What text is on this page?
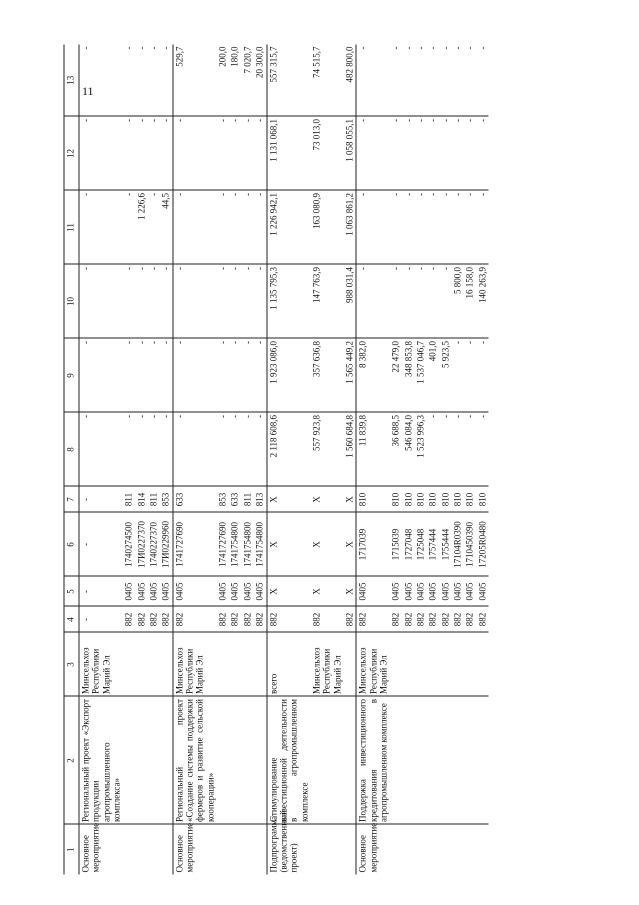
11
1	2	3	4	5	6	7	8	9	10	11	12	13
Основное мероприятие	Региональный проект «Экспорт продукции агропромышленного комплекса»	Минсельхоз Республики Марий Эл	-	-	-	-	-	-	-	-	-	-
			882	0405	1740274500	811	-	-	-	-	-	-
			882	0405	17И0227370	814	-	-	-	1 226,6	-	-
			882	0405	1740227370	811	-	-	-	-	-	-
			882	0405	17И0229960	853	-	-	-	44,5	-	-
Основное мероприятие	Региональный проект «Создание системы поддержки фермеров и развитие сельской кооперации»	Минсельхоз Республики Марий Эл	882	0405	1741727690	633	-	-	-	-	-	529,7
			882	0405	1741727690	853	-	-	-	-	-	200,0
			882	0405	1741754800	633	-	-	-	-	-	180,0
			882	0405	1741754800	811	-	-	-	-	-	7 020,7
			882	0405	1741754800	813	-	-	-	-	-	20 300,0
Подпрограмма (ведомственный проект)	Стимулирование инвестиционной деятельности в агропромышленном комплексе	всего	882	X	X	X	2 118 608,6	1 923 086,0	1 135 795,3	1 226 942,1	1 131 068,1	557 315,7
		Минсельхоз Республики Марий Эл	882	X	X	X	557 923,8	357 636,8	147 763,9	163 080,9	73 013,0	74 515,7
			882	X	X	X	1 560 684,8	1 565 449,2	988 031,4	1 063 861,2	1 058 055,1	482 800,0
Основное мероприятие	Поддержка инвестиционного кредитования в агропромышленном комплексе	Минсельхоз Республики Марий Эл	882	0405	1717039	810	11 839,8	8 382,0	-	-	-	-
			882	0405	1715039	810	36 688,5	22 479,0	-	-	-	-
			882	0405	1727048	810	546 084,0	348 853,8	-	-	-	-
			882	0405	1725048	810	1 523 996,3	1 537 046,7	-	-	-	-
			882	0405	1757444	810	-	401,0	-	-	-	-
			882	0405	1755444	810	-	5 923,5	-	-	-	-
			882	0405	17104R0390	810	-	-	5 800,0	-	-	-
			882	0405	1710450390	810	-	-	16 158,0	-	-	-
			882	0405	17205R0480	810	-	-	140 263,9	-	-	-
